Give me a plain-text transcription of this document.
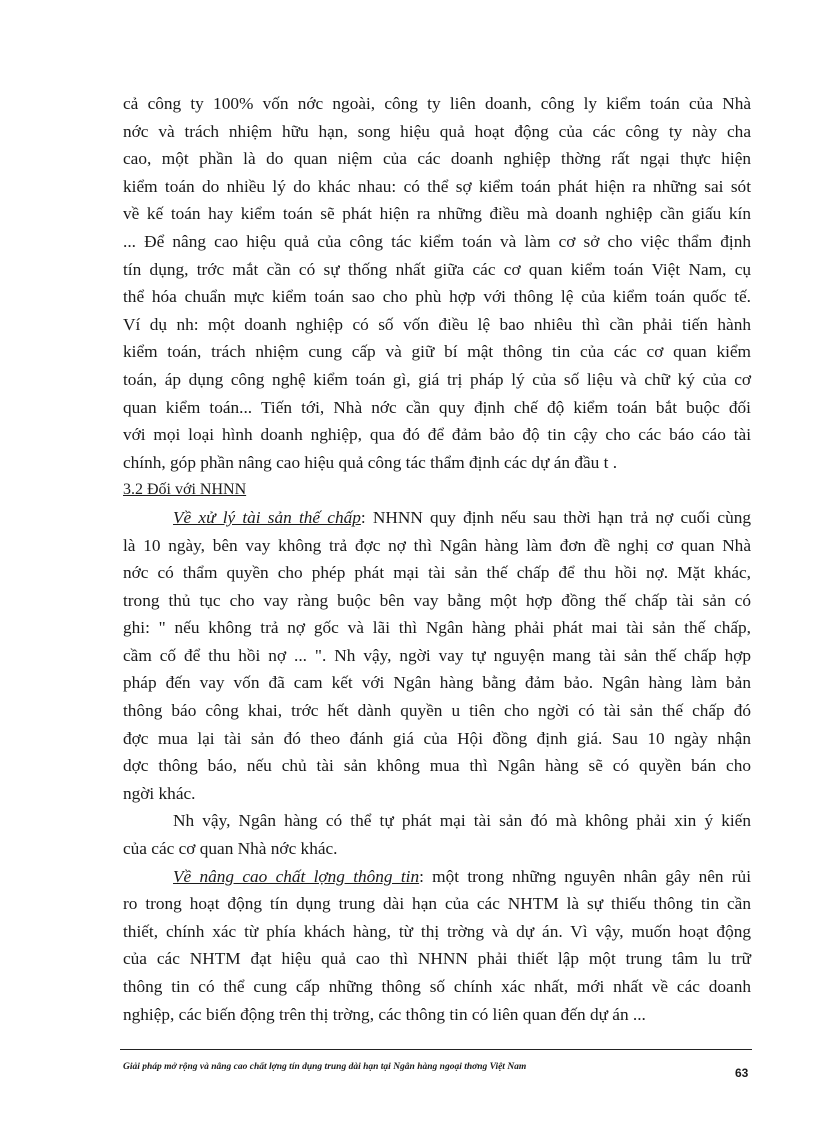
cả công ty 100% vốn nớc ngoài, công ty liên doanh, công ly kiểm toán của Nhà
nớc và trách nhiệm hữu hạn, song hiệu quả hoạt động của các công ty này cha
cao, một phần là do quan niệm của các doanh nghiệp thờng rất ngại thực hiện
kiểm toán do nhiều lý do khác nhau: có thể sợ kiểm toán phát hiện ra những sai sót
về kế toán hay kiểm toán sẽ phát hiện ra những điều mà doanh nghiệp cần giấu kín
... Để nâng cao hiệu quả của công tác kiểm toán và làm cơ sở cho việc thẩm định
tín dụng, trớc mắt cần có sự thống nhất giữa các cơ quan kiểm toán Việt Nam, cụ
thể hóa chuẩn mực kiểm toán sao cho phù hợp với thông lệ của kiểm toán quốc tế.
Ví dụ nh: một doanh nghiệp có số vốn điều lệ bao nhiêu thì cần phải tiến hành
kiểm toán, trách nhiệm cung cấp và giữ bí mật thông tin của các cơ quan kiểm
toán, áp dụng công nghệ kiểm toán gì, giá trị pháp lý của số liệu và chữ ký của cơ
quan kiểm toán... Tiến tới, Nhà nớc cần quy định chế độ kiểm toán bắt buộc đối
với mọi loại hình doanh nghiệp, qua đó để đảm bảo độ tin cậy cho các báo cáo tài
chính, góp phần nâng cao hiệu quả công tác thẩm định các dự án đầu t .
3.2 Đối với NHNN
Về xử lý tài sản thế chấp: NHNN quy định nếu sau thời hạn trả nợ cuối cùng
là 10 ngày, bên vay không trả đợc nợ thì Ngân hàng làm đơn đề nghị cơ quan Nhà
nớc có thẩm quyền cho phép phát mại tài sản thế chấp để thu hồi nợ. Mặt khác,
trong thủ tục cho vay ràng buộc bên vay bằng một hợp đồng thế chấp tài sản có
ghi: " nếu không trả nợ gốc và lãi thì Ngân hàng phải phát mai tài sản thế chấp,
cầm cố để thu hồi nợ ... ". Nh vậy, ngời vay tự nguyện mang tài sản thế chấp hợp
pháp đến vay vốn đã cam kết với Ngân hàng bằng đảm bảo. Ngân hàng làm bản
thông báo công khai, trớc hết dành quyền u tiên cho ngời có tài sản thế chấp đó
đợc mua lại tài sản đó theo đánh giá của Hội đồng định giá. Sau 10 ngày nhận
dợc thông báo, nếu chủ tài sản không mua thì Ngân hàng sẽ có quyền bán cho
ngời khác.
Nh vậy, Ngân hàng có thể tự phát mại tài sản đó mà không phải xin ý kiến
của các cơ quan Nhà nớc khác.
Về nâng cao chất lợng thông tin: một trong những nguyên nhân gây nên rủi
ro trong hoạt động tín dụng trung dài hạn của các NHTM là sự thiếu thông tin cần
thiết, chính xác từ phía khách hàng, từ thị trờng và dự án. Vì vậy, muốn hoạt động
của các NHTM đạt hiệu quả cao thì NHNN phải thiết lập một trung tâm lu trữ
thông tin có thể cung cấp những thông số chính xác nhất, mới nhất về các doanh
nghiệp, các biến động trên thị trờng, các thông tin có liên quan đến dự án ...
Giải pháp mở rộng và nâng cao chất lợng tín dụng trung dài hạn tại Ngân hàng ngoại thơng Việt Nam	63
